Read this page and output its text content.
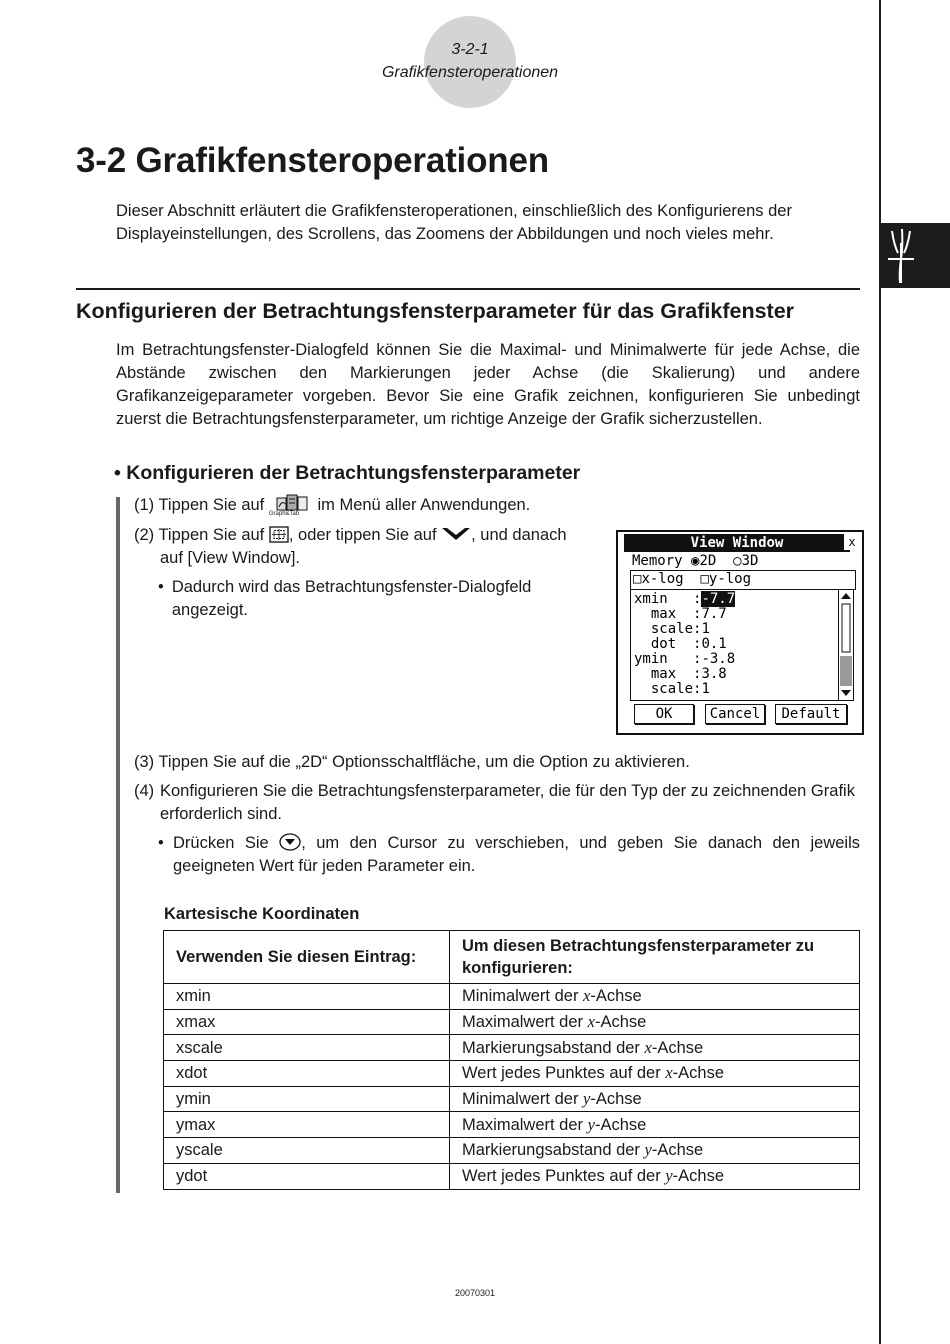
3-2-1
Grafikfensteroperationen
3-2 Grafikfensteroperationen
Dieser Abschnitt erläutert die Grafikfensteroperationen, einschließlich des Konfigurierens der Displayeinstellungen, des Scrollens, das Zoomens der Abbildungen und noch vieles mehr.
Konfigurieren der Betrachtungsfensterparameter für das Grafikfenster
Im Betrachtungsfenster-Dialogfeld können Sie die Maximal- und Minimalwerte für jede Achse, die Abstände zwischen den Markierungen jeder Achse (die Skalierung) und andere Grafikanzeigeparameter vorgeben. Bevor Sie eine Grafik zeichnen, konfigurieren Sie unbedingt zuerst die Betrachtungsfensterparameter, um richtige Anzeige der Grafik sicherzustellen.
• Konfigurieren der Betrachtungsfensterparameter
(1) Tippen Sie auf Graph&Tab im Menü aller Anwendungen.
(2) Tippen Sie auf , oder tippen Sie auf , und danach
auf [View Window].
• Dadurch wird das Betrachtungsfenster-Dialogfeld angezeigt.
View Window	x
Memory ◉2D ○3D
□x-log □y-log
xmin   :-7.7
max  :7.7
scale:1
dot  :0.1
ymin   :-3.8
max  :3.8
scale:1
OK	Cancel	Default
(3) Tippen Sie auf die „2D“ Optionsschaltfläche, um die Option zu aktivieren.
(4) Konfigurieren Sie die Betrachtungsfensterparameter, die für den Typ der zu zeichnenden Grafik erforderlich sind.
• Drücken Sie , um den Cursor zu verschieben, und geben Sie danach den jeweils geeigneten Wert für jeden Parameter ein.
Kartesische Koordinaten
Verwenden Sie diesen Eintrag:	Um diesen Betrachtungsfensterparameter zu konfigurieren:
xmin	Minimalwert der x-Achse
xmax	Maximalwert der x-Achse
xscale	Markierungsabstand der x-Achse
xdot	Wert jedes Punktes auf der x-Achse
ymin	Minimalwert der y-Achse
ymax	Maximalwert der y-Achse
yscale	Markierungsabstand der y-Achse
ydot	Wert jedes Punktes auf der y-Achse
20070301
